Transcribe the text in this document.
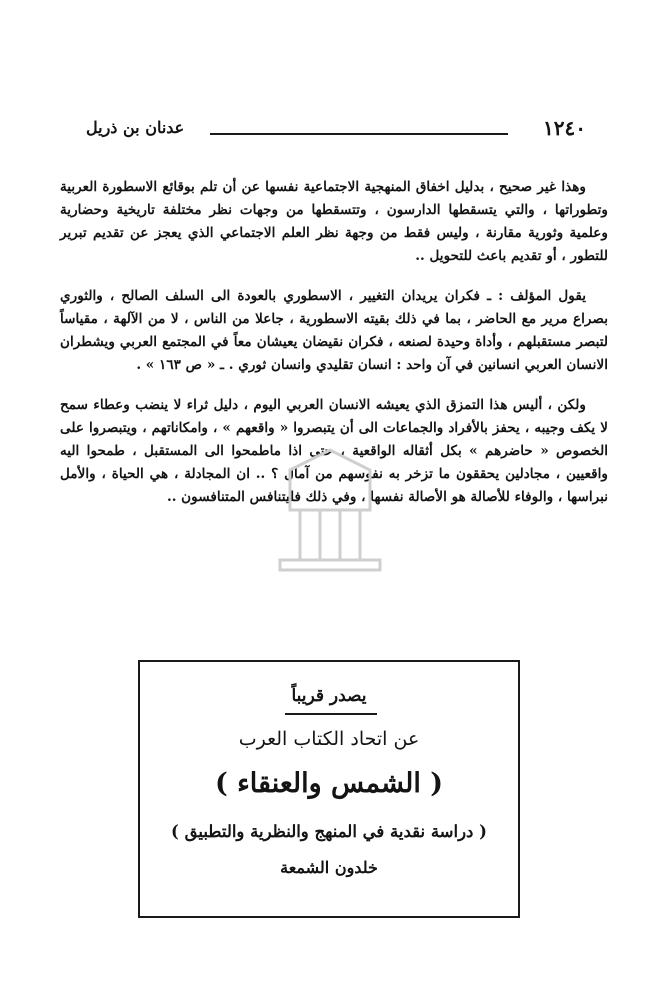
١٢٤٠
عدنان بن ذريل

وهذا غير صحيح ، بدليل اخفاق المنهجية الاجتماعية نفسها عن أن تلم بوقائع الاسطورة العربية وتطوراتها ، والتي يتسقطها الدارسون ، وتتسقطها من وجهات نظر مختلفة تاريخية وحضارية وعلمية وثورية مقارنة ، وليس فقط من وجهة نظر العلم الاجتماعي الذي يعجز عن تقديم تبرير للتطور ، أو تقديم باعث للتحويل ..

يقول المؤلف : ـ فكران يريدان التغيير ، الاسطوري بالعودة الى السلف الصالح ، والثوري بصراع مرير مع الحاضر ، بما في ذلك بقيته الاسطورية ، جاعلا من الناس ، لا من الآلهة ، مقياساً لتبصر مستقبلهم ، وأداة وحيدة لصنعه ، فكران نقيضان يعيشان معاً في المجتمع العربي ويشطران الانسان العربي انسانين في آن واحد : انسان تقليدي وانسان ثوري . ـ « ص ١٦٣ » .

ولكن ، أليس هذا التمزق الذي يعيشه الانسان العربي اليوم ، دليل ثراء لا ينضب وعطاء سمح لا يكف وجيبه ، يحفز بالأفراد والجماعات الى أن يتبصروا « واقعهم » ، وامكاناتهم ، ويتبصروا على الخصوص « حاضرهم » بكل أثقاله الواقعية ، حتى اذا ماطمحوا الى المستقبل ، طمحوا اليه واقعيين ، مجادلين يحققون ما تزخر به نفوسهم من آمال ؟ .. ان المجادلة ، هي الحياة ، والأمل نبراسها ، والوفاء للأصالة هو الأصالة نفسها ، وفي ذلك فليتنافس المتنافسون ..

يصدر قريباً
عن اتحاد الكتاب العرب
( الشمس والعنقاء )
( دراسة نقدية في المنهج والنظرية والتطبيق )
خلدون الشمعة
